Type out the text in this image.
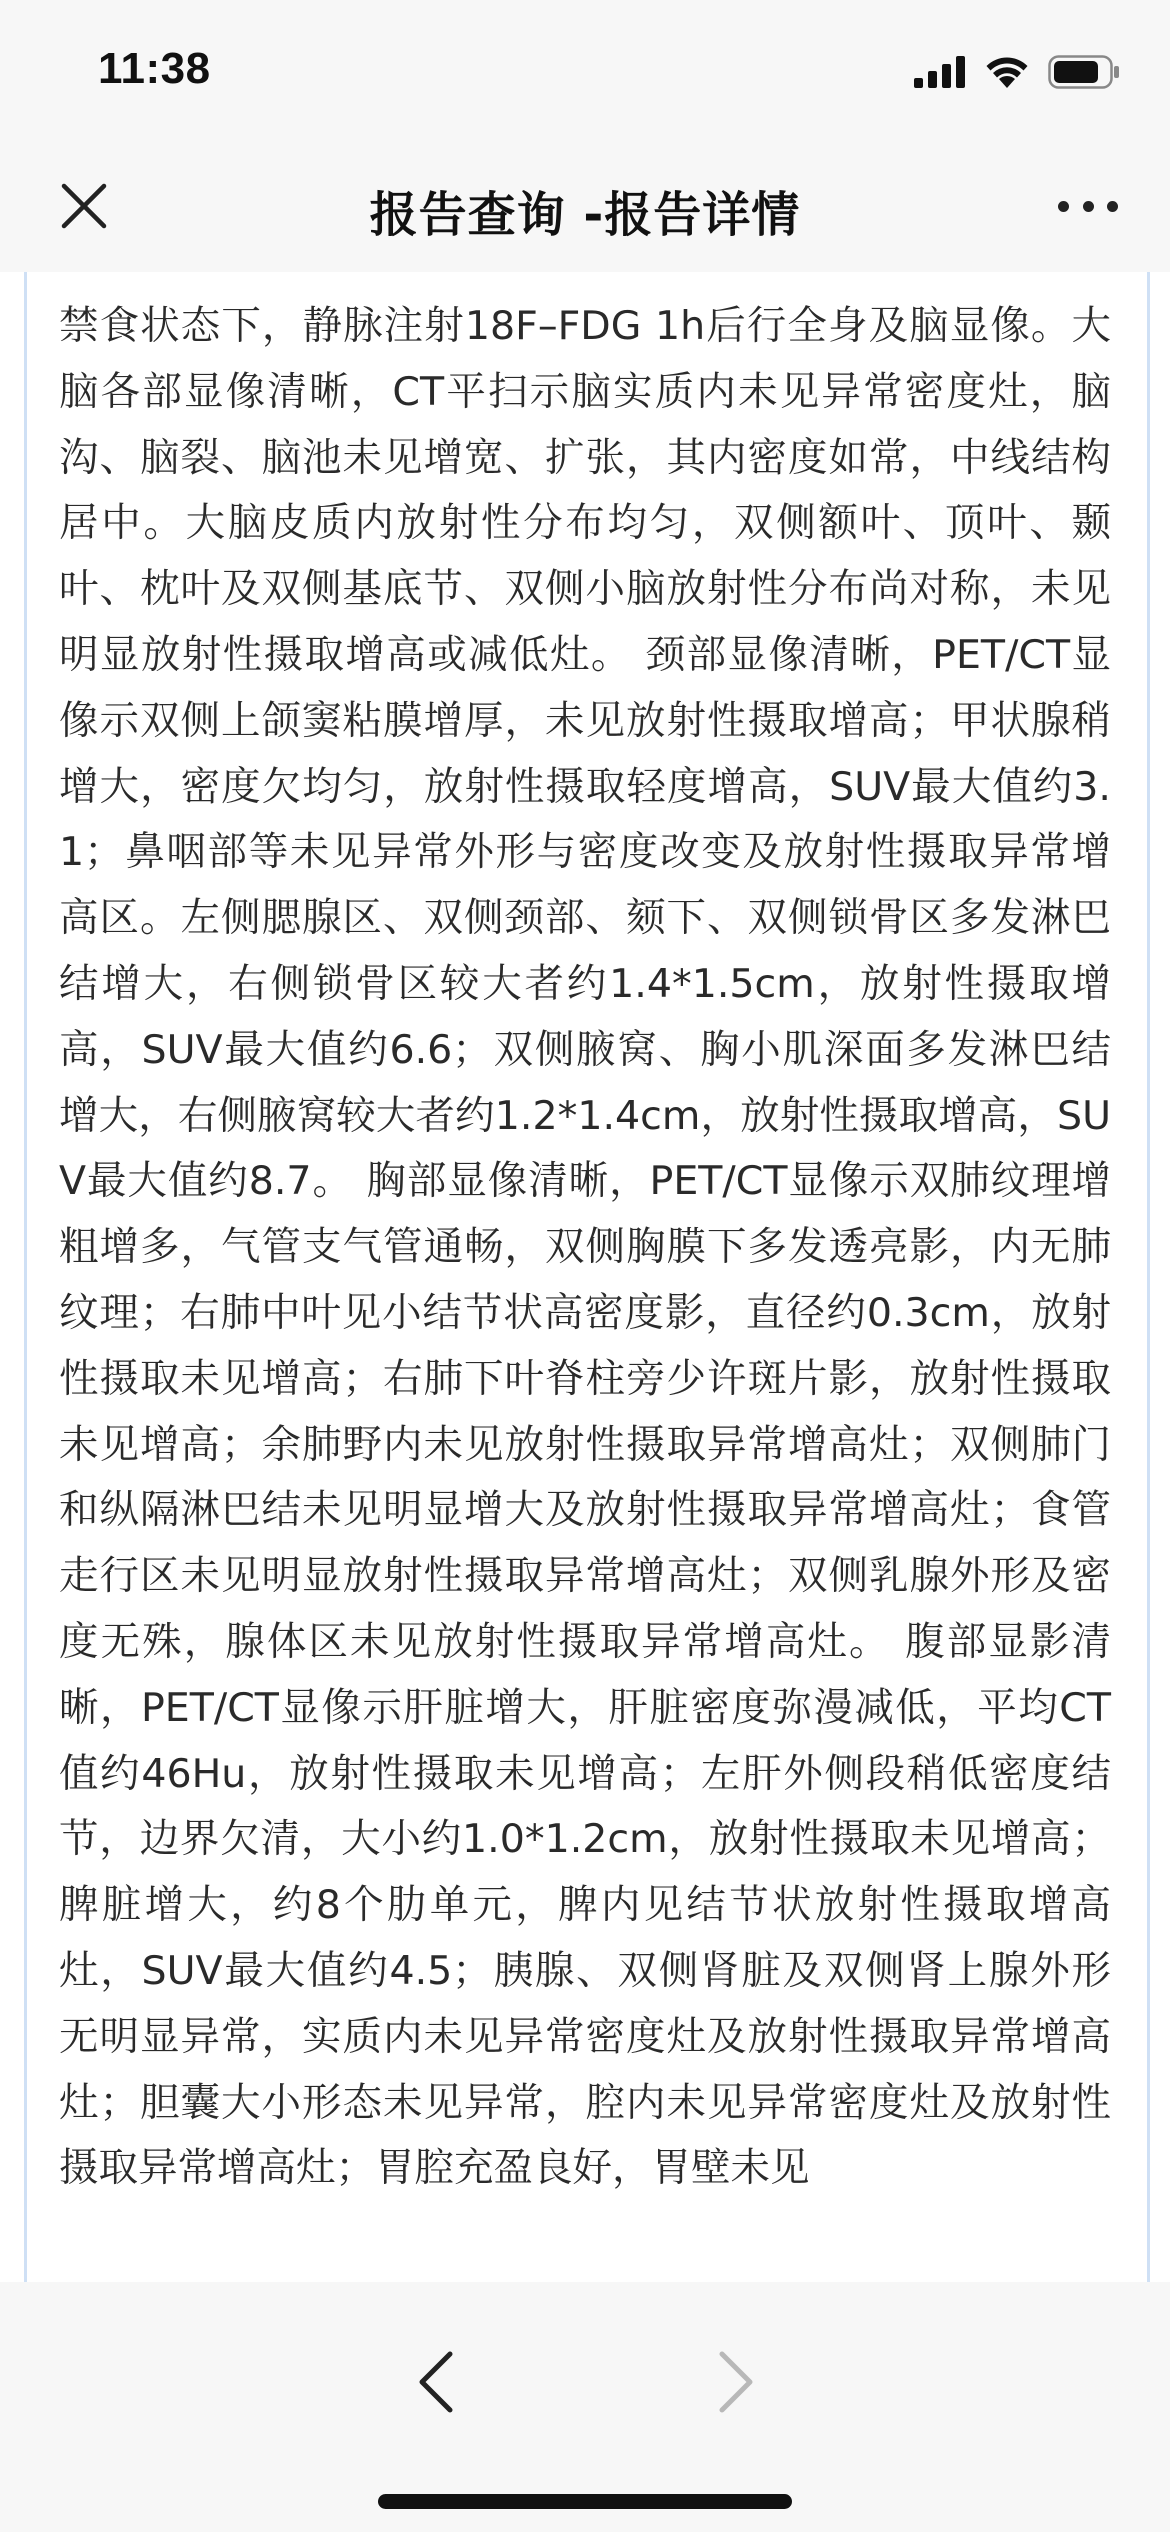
11:38
报告查询 -报告详情

禁食状态下，静脉注射18F–FDG 1h后行全身及脑显像。大脑各部显像清晰，CT平扫示脑实质内未见异常密度灶，脑沟、脑裂、脑池未见增宽、扩张，其内密度如常，中线结构居中。大脑皮质内放射性分布均匀，双侧额叶、顶叶、颞叶、枕叶及双侧基底节、双侧小脑放射性分布尚对称，未见明显放射性摄取增高或减低灶。 颈部显像清晰，PET/CT显像示双侧上颌窦粘膜增厚，未见放射性摄取增高；甲状腺稍增大，密度欠均匀，放射性摄取轻度增高，SUV最大值约3.1；鼻咽部等未见异常外形与密度改变及放射性摄取异常增高区。左侧腮腺区、双侧颈部、颏下、双侧锁骨区多发淋巴结增大，右侧锁骨区较大者约1.4*1.5cm，放射性摄取增高，SUV最大值约6.6；双侧腋窝、胸小肌深面多发淋巴结增大，右侧腋窝较大者约1.2*1.4cm，放射性摄取增高，SUV最大值约8.7。 胸部显像清晰，PET/CT显像示双肺纹理增粗增多，气管支气管通畅，双侧胸膜下多发透亮影，内无肺纹理；右肺中叶见小结节状高密度影，直径约0.3cm，放射性摄取未见增高；右肺下叶脊柱旁少许斑片影，放射性摄取未见增高；余肺野内未见放射性摄取异常增高灶；双侧肺门和纵隔淋巴结未见明显增大及放射性摄取异常增高灶；食管走行区未见明显放射性摄取异常增高灶；双侧乳腺外形及密度无殊，腺体区未见放射性摄取异常增高灶。 腹部显影清晰，PET/CT显像示肝脏增大，肝脏密度弥漫减低，平均CT值约46Hu，放射性摄取未见增高；左肝外侧段稍低密度结节，边界欠清，大小约1.0*1.2cm，放射性摄取未见增高；脾脏增大，约8个肋单元，脾内见结节状放射性摄取增高灶，SUV最大值约4.5；胰腺、双侧肾脏及双侧肾上腺外形无明显异常，实质内未见异常密度灶及放射性摄取异常增高灶；胆囊大小形态未见异常，腔内未见异常密度灶及放射性摄取异常增高灶；胃腔充盈良好，胃壁未见
